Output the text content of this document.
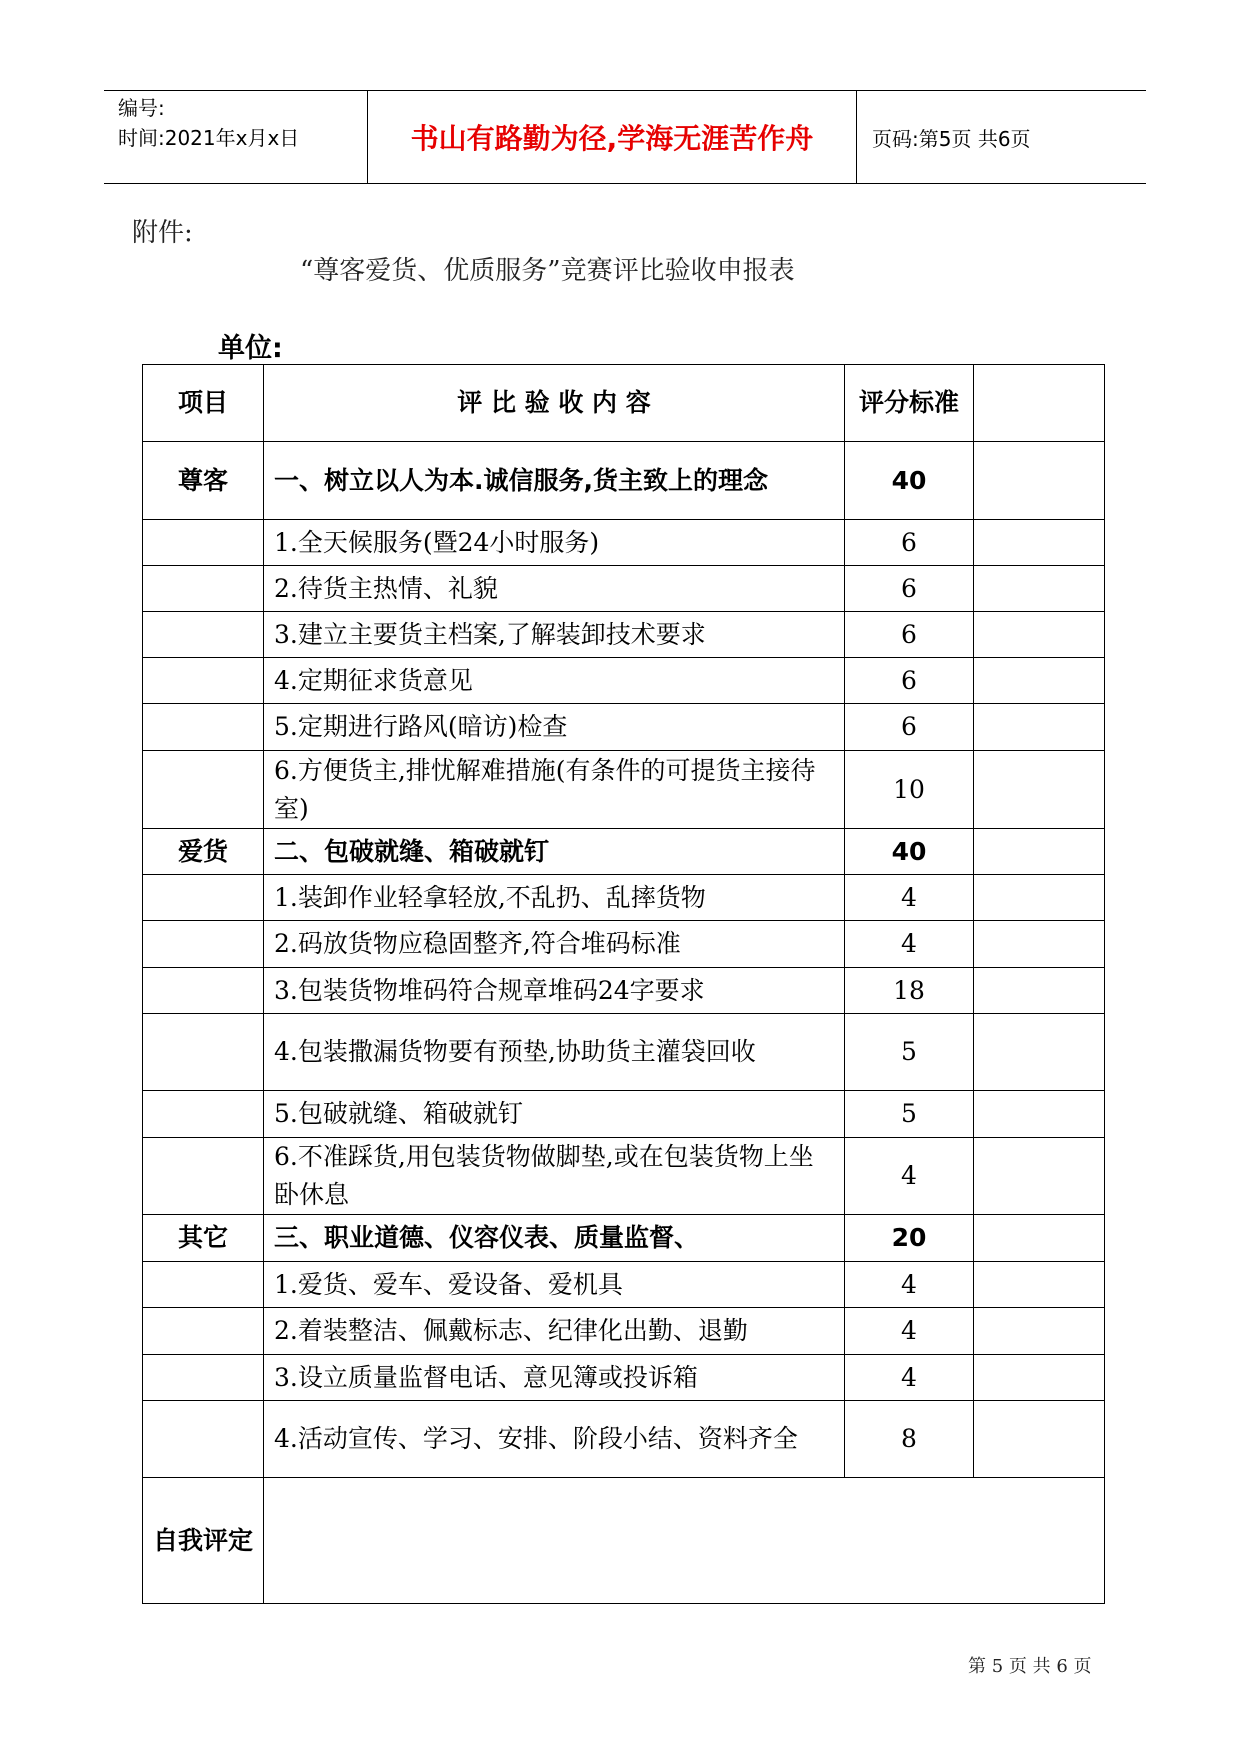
编号:
时间:2021年x月x日	书山有路勤为径,学海无涯苦作舟	页码:第5页 共6页
附件:
“尊客爱货、优质服务”竞赛评比验收申报表
单位:
项目	评 比 验 收 内 容	评分标准	
尊客	一、树立以人为本.诚信服务,货主致上的理念	40	
	1.全天候服务(暨24小时服务)	6	
	2.待货主热情、礼貌	6	
	3.建立主要货主档案,了解装卸技术要求	6	
	4.定期征求货意见	6	
	5.定期进行路风(暗访)检查	6	
	6.方便货主,排忧解难措施(有条件的可提货主接待室)	10	
爱货	二、包破就缝、箱破就钉	40	
	1.装卸作业轻拿轻放,不乱扔、乱摔货物	4	
	2.码放货物应稳固整齐,符合堆码标准	4	
	3.包装货物堆码符合规章堆码24字要求	18	
	4.包装撒漏货物要有预垫,协助货主灌袋回收	5	
	5.包破就缝、箱破就钉	5	
	6.不准踩货,用包装货物做脚垫,或在包装货物上坐卧休息	4	
其它	三、职业道德、仪容仪表、质量监督、	20	
	1.爱货、爱车、爱设备、爱机具	4	
	2.着装整洁、佩戴标志、纪律化出勤、退勤	4	
	3.设立质量监督电话、意见簿或投诉箱	4	
	4.活动宣传、学习、安排、阶段小结、资料齐全	8	
自我评定			
第 5 页 共 6 页
